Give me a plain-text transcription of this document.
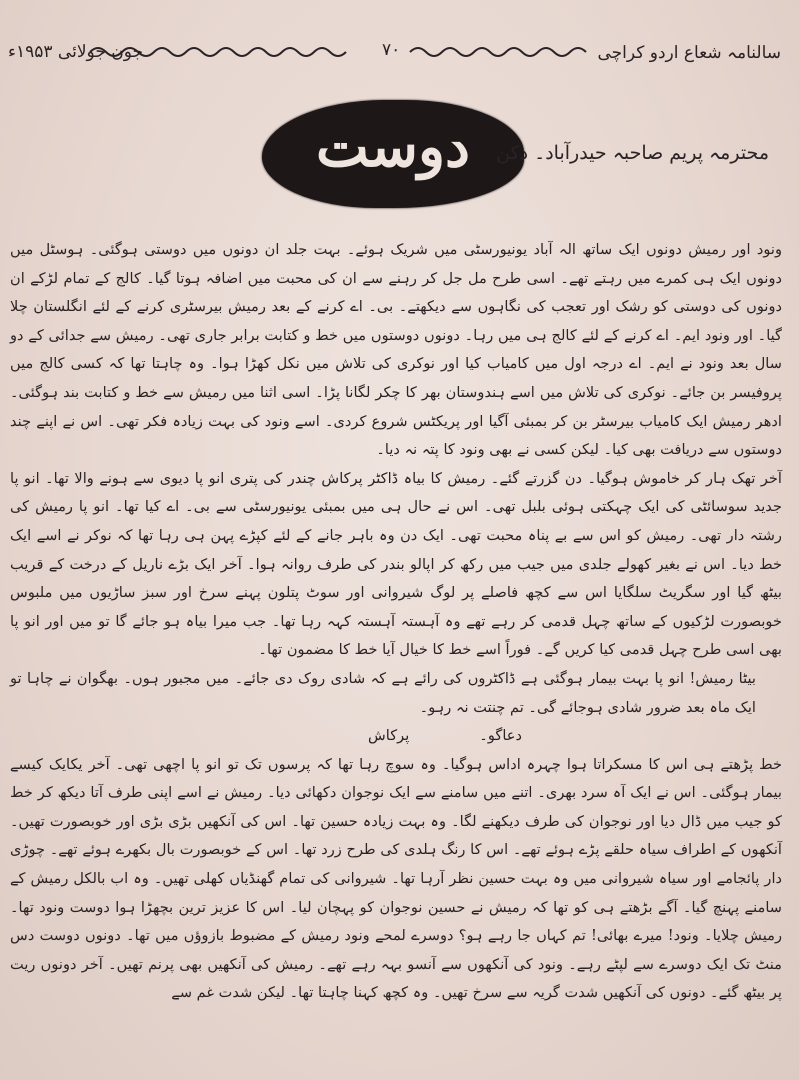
سالنامہ شعاع اردو کراچی
۷۰
جون جولائی ۱۹۵۳ء
دوست	محترمہ پریم صاحبہ حیدرآباد۔ دکن

ونود اور رمیش دونوں ایک ساتھ الہ آباد یونیورسٹی میں شریک ہوئے۔ بہت جلد ان دونوں میں دوستی ہوگئی۔ ہوسٹل میں دونوں ایک ہی کمرے میں رہتے تھے۔ اسی طرح مل جل کر رہنے سے ان کی محبت میں اضافہ ہوتا گیا۔ کالج کے تمام لڑکے ان دونوں کی دوستی کو رشک اور تعجب کی نگاہوں سے دیکھتے۔ بی۔ اے کرنے کے بعد رمیش بیرسٹری کرنے کے لئے انگلستان چلا گیا۔ اور ونود ایم۔ اے کرنے کے لئے کالج ہی میں رہا۔ دونوں دوستوں میں خط و کتابت برابر جاری تھی۔ رمیش سے جدائی کے دو سال بعد ونود نے ایم۔ اے درجہ اول میں کامیاب کیا اور نوکری کی تلاش میں نکل کھڑا ہوا۔ وہ چاہتا تھا کہ کسی کالج میں پروفیسر بن جائے۔ نوکری کی تلاش میں اسے ہندوستان بھر کا چکر لگانا پڑا۔ اسی اثنا میں رمیش سے خط و کتابت بند ہوگئی۔ ادھر رمیش ایک کامیاب بیرسٹر بن کر بمبئی آگیا اور پریکٹس شروع کردی۔ اسے ونود کی بہت زیادہ فکر تھی۔ اس نے اپنے چند دوستوں سے دریافت بھی کیا۔ لیکن کسی نے بھی ونود کا پتہ نہ دیا۔

آخر تھک ہار کر خاموش ہوگیا۔ دن گزرتے گئے۔ رمیش کا بیاہ ڈاکٹر پرکاش چندر کی پتری انو پا دیوی سے ہونے والا تھا۔ انو پا جدید سوسائٹی کی ایک چہکتی ہوئی بلبل تھی۔ اس نے حال ہی میں بمبئی یونیورسٹی سے بی۔ اے کیا تھا۔ انو پا رمیش کی رشتہ دار تھی۔ رمیش کو اس سے بے پناہ محبت تھی۔ ایک دن وہ باہر جانے کے لئے کپڑے پہن ہی رہا تھا کہ نوکر نے اسے ایک خط دیا۔ اس نے بغیر کھولے جلدی میں جیب میں رکھ کر اپالو بندر کی طرف روانہ ہوا۔ آخر ایک بڑے ناریل کے درخت کے قریب بیٹھ گیا اور سگریٹ سلگایا اس سے کچھ فاصلے پر لوگ شیروانی اور سوٹ پتلون پہنے سرخ اور سبز ساڑیوں میں ملبوس خوبصورت لڑکیوں کے ساتھ چہل قدمی کر رہے تھے وہ آہستہ آہستہ کہہ رہا تھا۔ جب میرا بیاہ ہو جائے گا تو میں اور انو پا بھی اسی طرح چہل قدمی کیا کریں گے۔ فوراً اسے خط کا خیال آیا خط کا مضمون تھا۔

بیٹا رمیش! انو پا بہت بیمار ہوگئی ہے ڈاکٹروں کی رائے ہے کہ شادی روک دی جائے۔ میں مجبور ہوں۔ بھگوان نے چاہا تو ایک ماہ بعد ضرور شادی ہوجائے گی۔ تم چنتت نہ رہو۔

دعاگو۔
پرکاش

خط پڑھتے ہی اس کا مسکراتا ہوا چہرہ اداس ہوگیا۔ وہ سوچ رہا تھا کہ پرسوں تک تو انو پا اچھی تھی۔ آخر یکایک کیسے بیمار ہوگئی۔ اس نے ایک آہ سرد بھری۔ اتنے میں سامنے سے ایک نوجوان دکھائی دیا۔ رمیش نے اسے اپنی طرف آتا دیکھ کر خط کو جیب میں ڈال دیا اور نوجوان کی طرف دیکھنے لگا۔ وہ بہت زیادہ حسین تھا۔ اس کی آنکھیں بڑی بڑی اور خوبصورت تھیں۔ آنکھوں کے اطراف سیاہ حلقے پڑے ہوئے تھے۔ اس کا رنگ ہلدی کی طرح زرد تھا۔ اس کے خوبصورت بال بکھرے ہوئے تھے۔ چوڑی دار پائجامے اور سیاہ شیروانی میں وہ بہت حسین نظر آرہا تھا۔ شیروانی کی تمام گھنڈیاں کھلی تھیں۔ وہ اب بالکل رمیش کے سامنے پہنچ گیا۔ آگے بڑھتے ہی کو تھا کہ رمیش نے حسین نوجوان کو پہچان لیا۔ اس کا عزیز ترین بچھڑا ہوا دوست ونود تھا۔ رمیش چلایا۔ ونود! میرے بھائی! تم کہاں جا رہے ہو؟ دوسرے لمحے ونود رمیش کے مضبوط بازوؤں میں تھا۔ دونوں دوست دس منٹ تک ایک دوسرے سے لپٹے رہے۔ ونود کی آنکھوں سے آنسو بہہ رہے تھے۔ رمیش کی آنکھیں بھی پرنم تھیں۔ آخر دونوں ریت پر بیٹھ گئے۔ دونوں کی آنکھیں شدت گریہ سے سرخ تھیں۔ وہ کچھ کہنا چاہتا تھا۔ لیکن شدت غم سے
